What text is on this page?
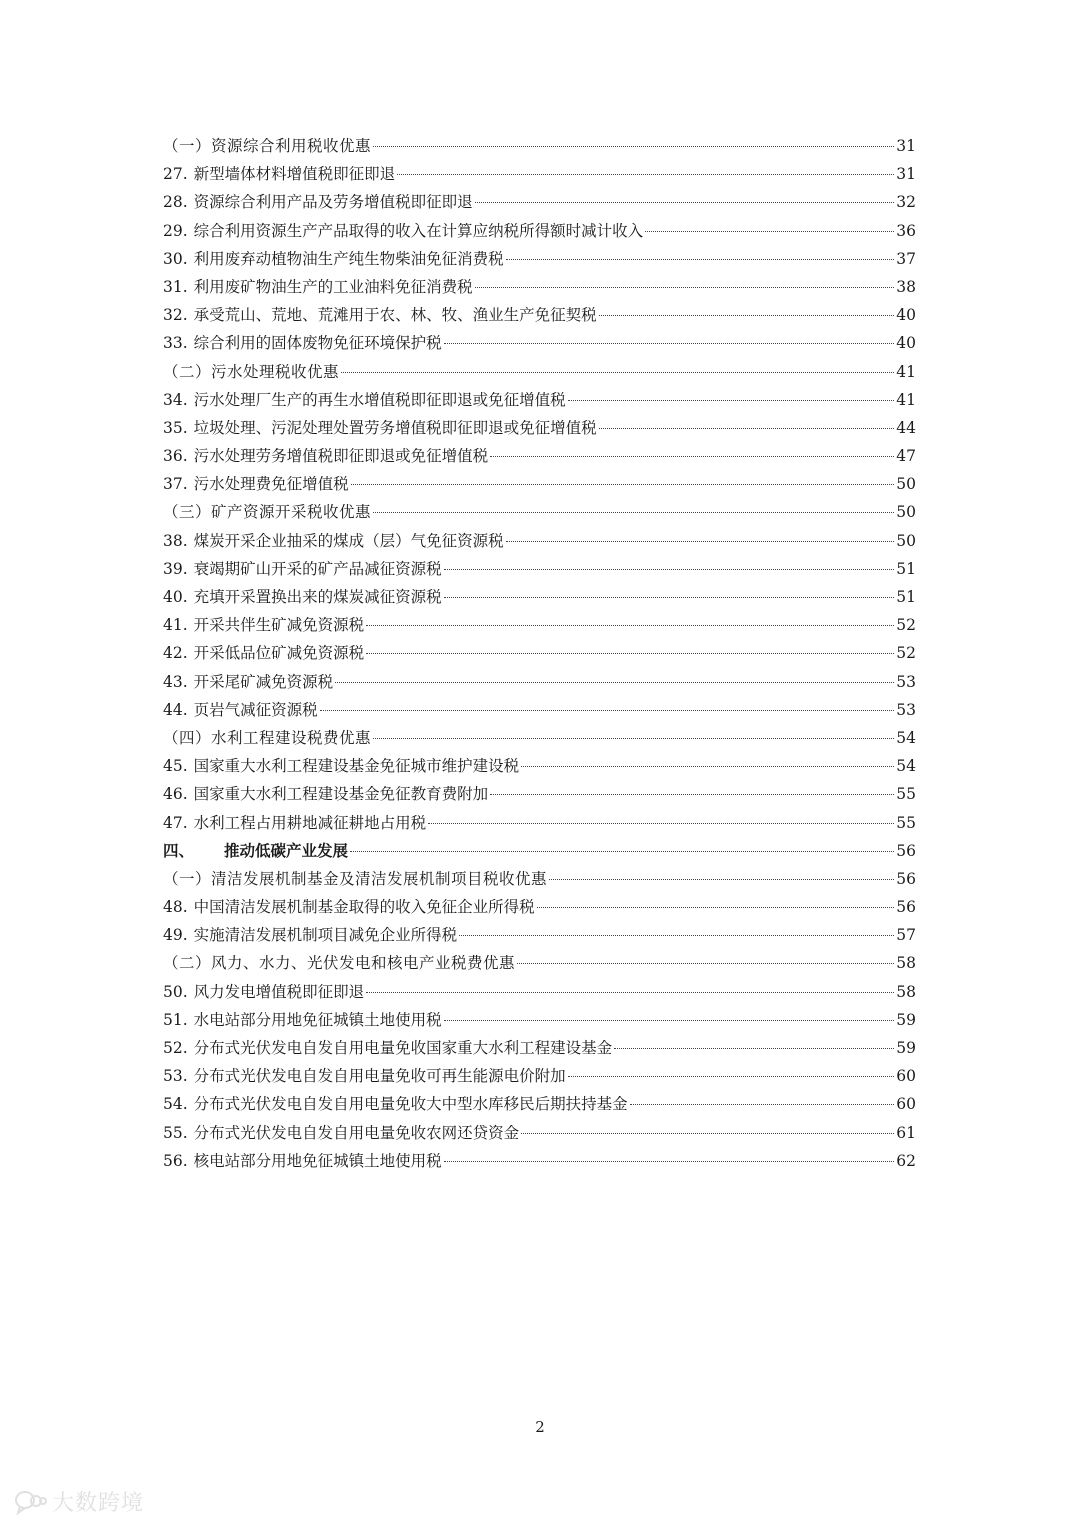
（一）资源综合利用税收优惠	31
27. 新型墙体材料增值税即征即退	31
28. 资源综合利用产品及劳务增值税即征即退	32
29. 综合利用资源生产产品取得的收入在计算应纳税所得额时减计收入	36
30. 利用废弃动植物油生产纯生物柴油免征消费税	37
31. 利用废矿物油生产的工业油料免征消费税	38
32. 承受荒山、荒地、荒滩用于农、林、牧、渔业生产免征契税	40
33. 综合利用的固体废物免征环境保护税	40
（二）污水处理税收优惠	41
34. 污水处理厂生产的再生水增值税即征即退或免征增值税	41
35. 垃圾处理、污泥处理处置劳务增值税即征即退或免征增值税	44
36. 污水处理劳务增值税即征即退或免征增值税	47
37. 污水处理费免征增值税	50
（三）矿产资源开采税收优惠	50
38. 煤炭开采企业抽采的煤成（层）气免征资源税	50
39. 衰竭期矿山开采的矿产品减征资源税	51
40. 充填开采置换出来的煤炭减征资源税	51
41. 开采共伴生矿减免资源税	52
42. 开采低品位矿减免资源税	52
43. 开采尾矿减免资源税	53
44. 页岩气减征资源税	53
（四）水利工程建设税费优惠	54
45. 国家重大水利工程建设基金免征城市维护建设税	54
46. 国家重大水利工程建设基金免征教育费附加	55
47. 水利工程占用耕地减征耕地占用税	55
四、 推动低碳产业发展	56
（一）清洁发展机制基金及清洁发展机制项目税收优惠	56
48. 中国清洁发展机制基金取得的收入免征企业所得税	56
49. 实施清洁发展机制项目减免企业所得税	57
（二）风力、水力、光伏发电和核电产业税费优惠	58
50. 风力发电增值税即征即退	58
51. 水电站部分用地免征城镇土地使用税	59
52. 分布式光伏发电自发自用电量免收国家重大水利工程建设基金	59
53. 分布式光伏发电自发自用电量免收可再生能源电价附加	60
54. 分布式光伏发电自发自用电量免收大中型水库移民后期扶持基金	60
55. 分布式光伏发电自发自用电量免收农网还贷资金	61
56. 核电站部分用地免征城镇土地使用税	62
2
大数跨境
